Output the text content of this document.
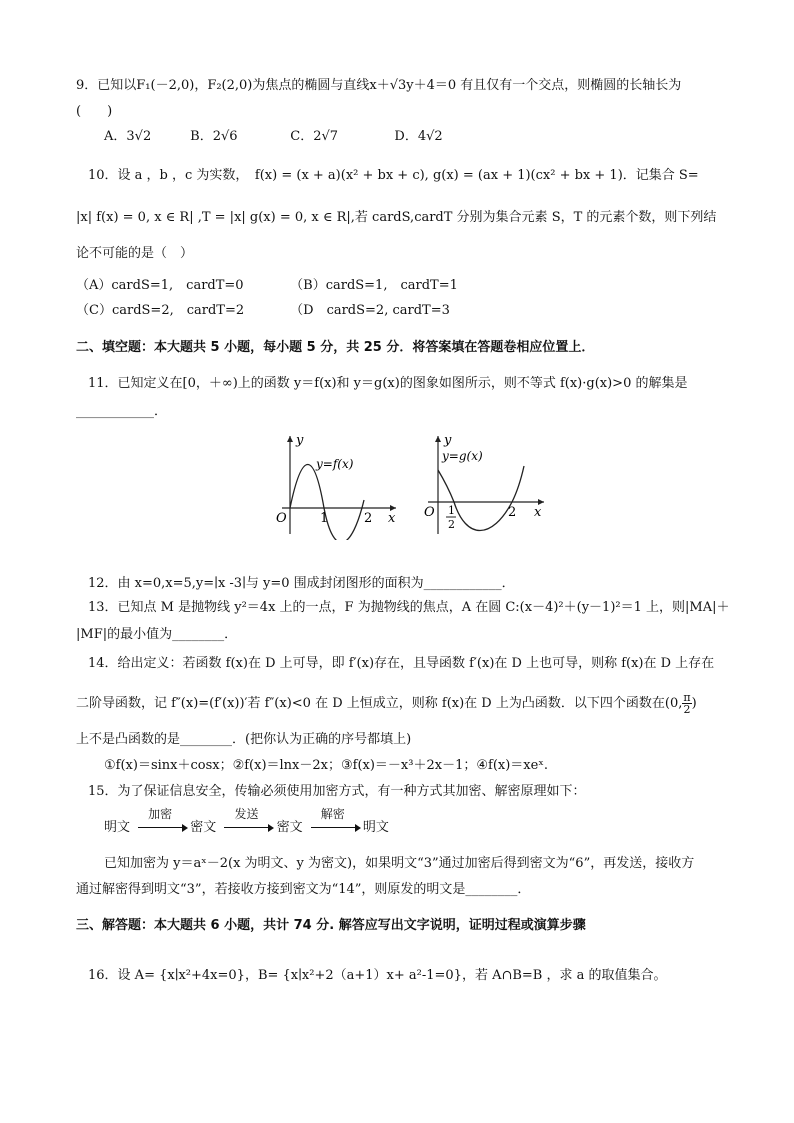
9．已知以F₁(－2,0)，F₂(2,0)为焦点的椭圆与直线x＋√3y＋4＝0 有且仅有一个交点，则椭圆的长轴长为
(　　)
A．3√2	B．2√6	C．2√7	D．4√2
10．设 a ，b ，c 为实数，　f(x) = (x + a)(x² + bx + c), g(x) = (ax + 1)(cx² + bx + 1)．记集合 S=
|x| f(x) = 0, x ∈ R| ,T = |x| g(x) = 0, x ∈ R|,若 cardS,cardT 分别为集合元素 S，T 的元素个数，则下列结
论不可能的是（　）
（A）cardS=1,　cardT=0	（B）cardS=1,　cardT=1
（C）cardS=2,　cardT=2	（D　cardS=2, cardT=3
二、填空题：本大题共 5 小题，每小题 5 分，共 25 分．将答案填在答题卷相应位置上．
11．已知定义在[0，＋∞)上的函数 y＝f(x)和 y＝g(x)的图象如图所示，则不等式 f(x)·g(x)>0 的解集是
____________．
y
y=f(x)
O	1	2 x
y
y=g(x)
O 1
2
2 x
12．由 x=0,x=5,y=∣x -3∣与 y=0 围成封闭图形的面积为____________．
13．已知点 M 是抛物线 y²＝4x 上的一点，F 为抛物线的焦点，A 在圆 C:(x－4)²＋(y－1)²＝1 上，则|MA|＋
|MF|的最小值为________．
14．给出定义：若函数 f(x)在 D 上可导，即 f′(x)存在，且导函数 f′(x)在 D 上也可导，则称 f(x)在 D 上存在
二阶导函数，记 f″(x)=(f′(x))′若 f″(x)<0 在 D 上恒成立，则称 f(x)在 D 上为凸函数．以下四个函数在(0, $\frac{\pi}{2}$ )
上不是凸函数的是________．(把你认为正确的序号都填上)
①f(x)＝sinx＋cosx；②f(x)＝lnx－2x；③f(x)＝－x³＋2x－1；④f(x)＝xeˣ.
15．为了保证信息安全，传输必须使用加密方式，有一种方式其加密、解密原理如下：
明文
加密
密文
发送
密文
解密
明文
已知加密为 y＝aˣ－2(x 为明文、y 为密文)，如果明文“3”通过加密后得到密文为“6”，再发送，接收方
通过解密得到明文“3”，若接收方接到密文为“14”，则原发的明文是________．
三、解答题：本大题共 6 小题，共计 74 分. 解答应写出文字说明，证明过程或演算步骤
16．设 A= {x∣x²+4x=0}，B= {x∣x²+2（a+1）x+ a²-1=0}，若 A∩B=B ，求 a 的取值集合。
